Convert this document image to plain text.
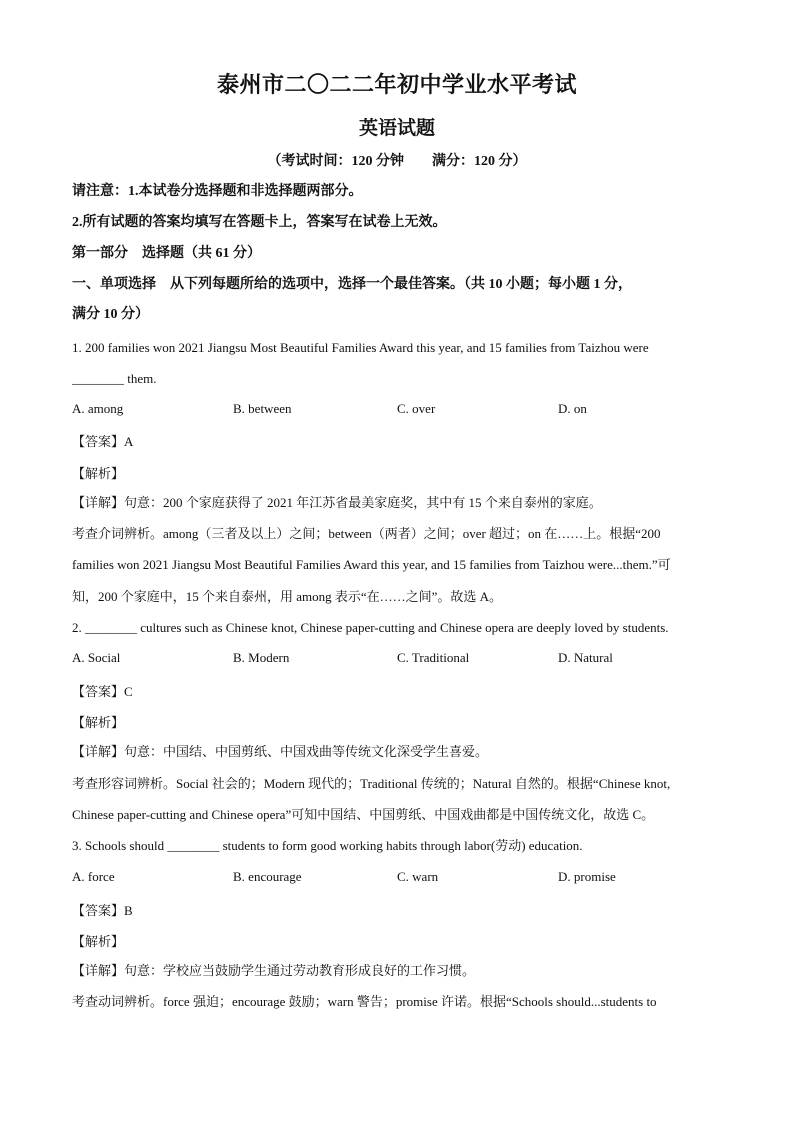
泰州市二〇二二年初中学业水平考试
英语试题
（考试时间：120 分钟　　满分：120 分）
请注意：1.本试卷分选择题和非选择题两部分。
2.所有试题的答案均填写在答题卡上，答案写在试卷上无效。
第一部分　选择题（共 61 分）
一、单项选择　从下列每题所给的选项中，选择一个最佳答案。（共 10 小题；每小题 1 分，
满分 10 分）
1. 200 families won 2021 Jiangsu Most Beautiful Families Award this year, and 15 families from Taizhou were
________ them.
A. among	B. between	C. over	D. on
【答案】A
【解析】
【详解】句意：200 个家庭获得了 2021 年江苏省最美家庭奖，其中有 15 个来自泰州的家庭。
考查介词辨析。among（三者及以上）之间；between（两者）之间；over 超过；on 在……上。根据“200
families won 2021 Jiangsu Most Beautiful Families Award this year, and 15 families from Taizhou were...them.”可
知，200 个家庭中，15 个来自泰州，用 among 表示“在……之间”。故选 A。
2. ________ cultures such as Chinese knot, Chinese paper-cutting and Chinese opera are deeply loved by students.
A. Social	B. Modern	C. Traditional	D. Natural
【答案】C
【解析】
【详解】句意：中国结、中国剪纸、中国戏曲等传统文化深受学生喜爱。
考查形容词辨析。Social 社会的；Modern 现代的；Traditional 传统的；Natural 自然的。根据“Chinese knot,
Chinese paper-cutting and Chinese opera”可知中国结、中国剪纸、中国戏曲都是中国传统文化，故选 C。
3. Schools should ________ students to form good working habits through labor(劳动) education.
A. force	B. encourage	C. warn	D. promise
【答案】B
【解析】
【详解】句意：学校应当鼓励学生通过劳动教育形成良好的工作习惯。
考查动词辨析。force 强迫；encourage 鼓励；warn 警告；promise 许诺。根据“Schools should...students to
